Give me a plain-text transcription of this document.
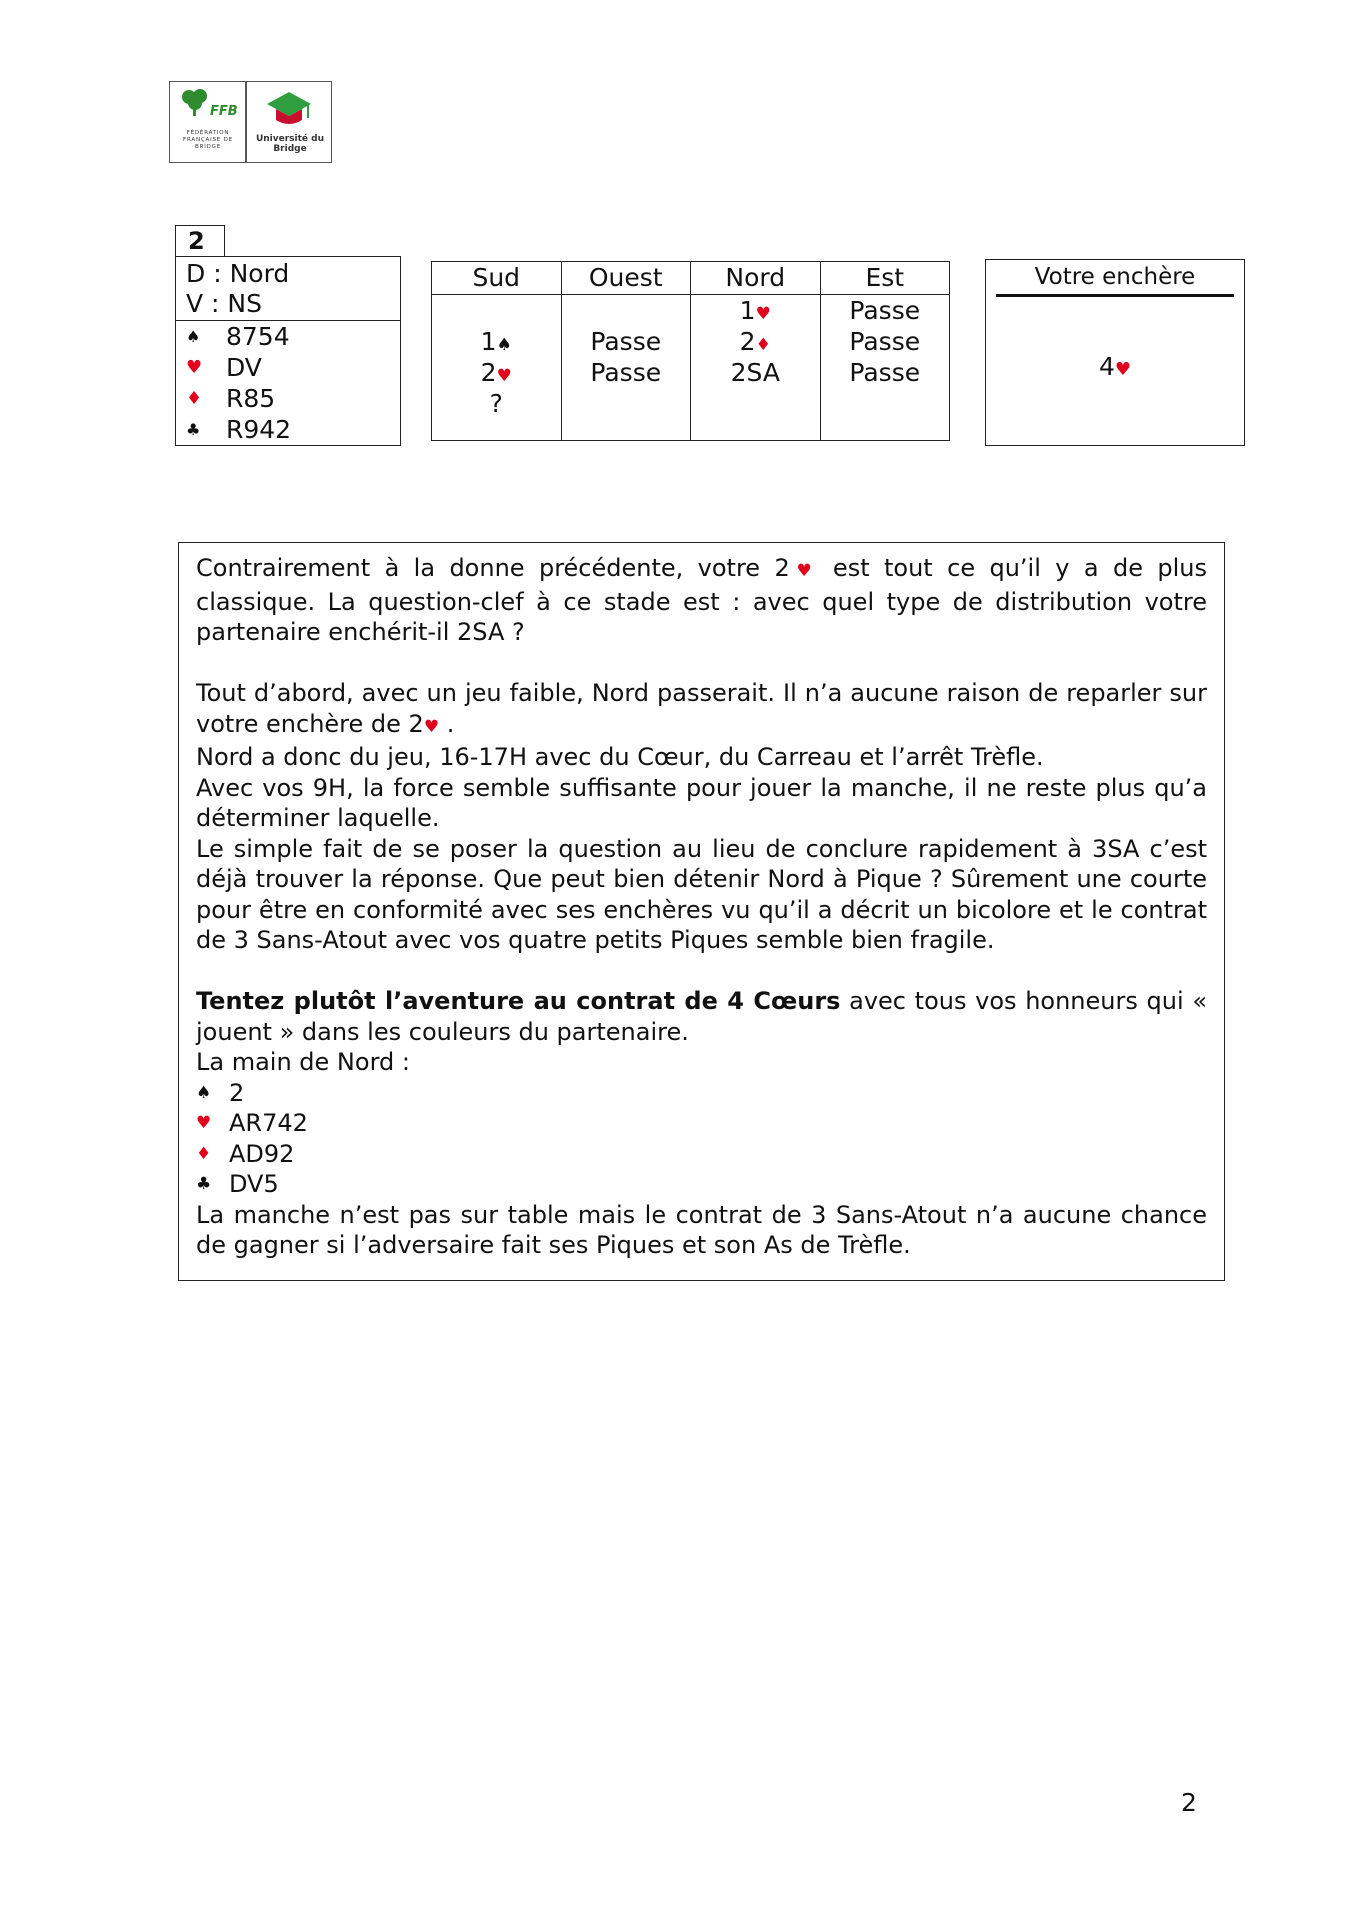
FFB
FÉDÉRATION FRANÇAISE DE BRIDGE
Université du Bridge
2
D : Nord
V : NS
♠	8754
♥ DV
♦ R85
♣	R942
Sud
1♠
2♥
?
Ouest
Passe
Passe
Nord
1♥
2♦
2SA
Est
Passe
Passe
Passe
Votre enchère
4♥

Contrairement à la donne précédente, votre 2♥ est tout ce qu’il y a de plus classique. La question-clef à ce stade est : avec quel type de distribution votre partenaire enchérit-il 2SA ?

Tout d’abord, avec un jeu faible, Nord passerait. Il n’a aucune raison de reparler sur votre enchère de 2♥ .

Nord a donc du jeu, 16-17H avec du Cœur, du Carreau et l’arrêt Trèfle.

Avec vos 9H, la force semble suffisante pour jouer la manche, il ne reste plus qu’a déterminer laquelle.

Le simple fait de se poser la question au lieu de conclure rapidement à 3SA c’est déjà trouver la réponse. Que peut bien détenir Nord à Pique ? Sûrement une courte pour être en conformité avec ses enchères vu qu’il a décrit un bicolore et le contrat de 3 Sans-Atout avec vos quatre petits Piques semble bien fragile.

Tentez plutôt l’aventure au contrat de 4 Cœurs avec tous vos honneurs qui « jouent » dans les couleurs du partenaire.

La main de Nord :

♠ 2
♥ AR742
♦ AD92
♣ DV5

La manche n’est pas sur table mais le contrat de 3 Sans-Atout n’a aucune chance de gagner si l’adversaire fait ses Piques et son As de Trèfle.

2
